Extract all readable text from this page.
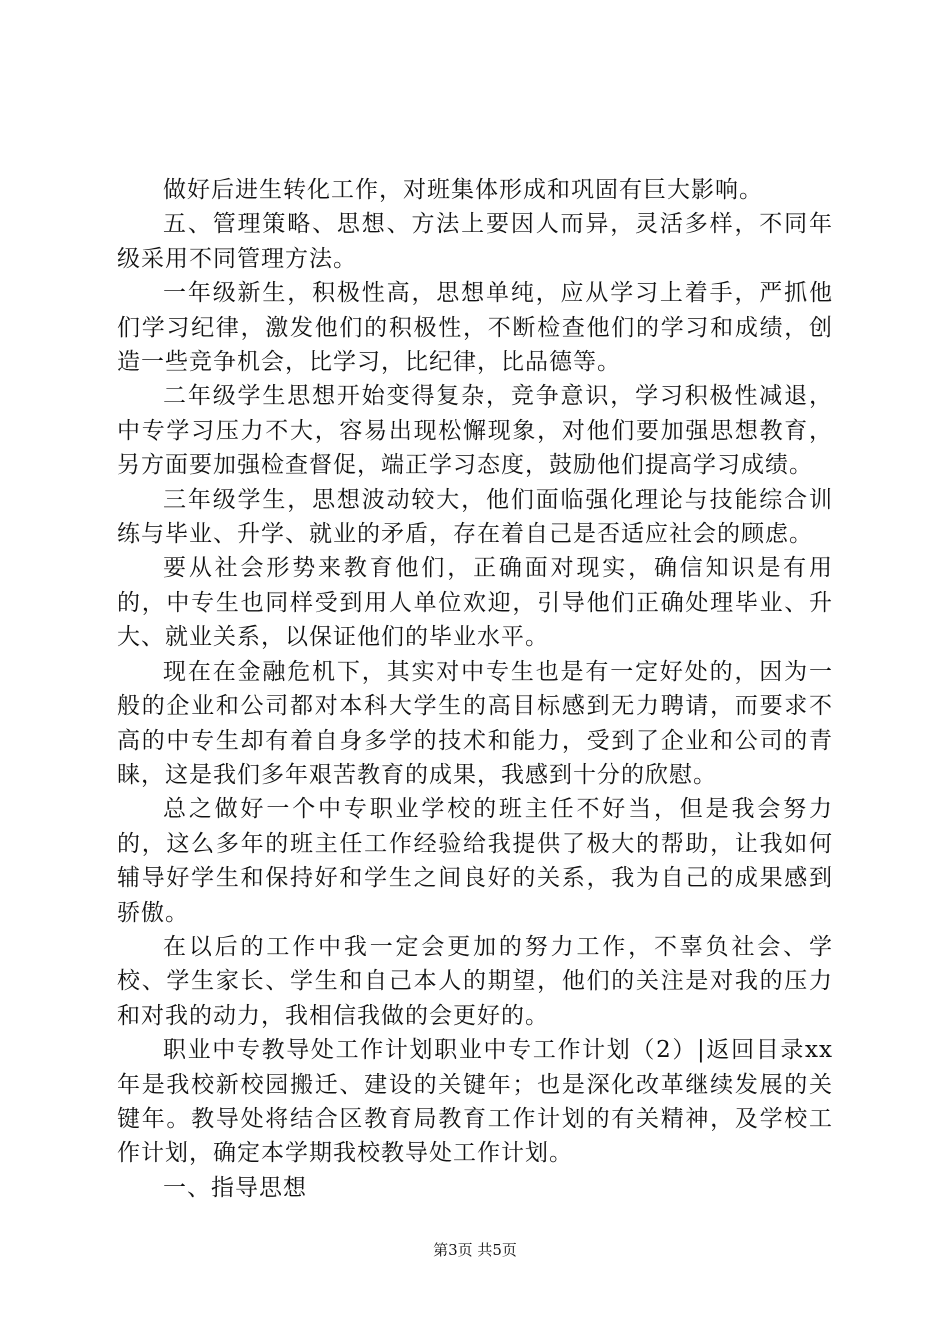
做好后进生转化工作，对班集体形成和巩固有巨大影响。

五、管理策略、思想、方法上要因人而异，灵活多样，不同年级采用不同管理方法。

一年级新生，积极性高，思想单纯，应从学习上着手，严抓他们学习纪律，激发他们的积极性，不断检查他们的学习和成绩，创造一些竞争机会，比学习，比纪律，比品德等。

二年级学生思想开始变得复杂，竞争意识，学习积极性减退，中专学习压力不大，容易出现松懈现象，对他们要加强思想教育，另方面要加强检查督促，端正学习态度，鼓励他们提高学习成绩。

三年级学生，思想波动较大，他们面临强化理论与技能综合训练与毕业、升学、就业的矛盾，存在着自己是否适应社会的顾虑。

要从社会形势来教育他们，正确面对现实，确信知识是有用的，中专生也同样受到用人单位欢迎，引导他们正确处理毕业、升大、就业关系，以保证他们的毕业水平。

现在在金融危机下，其实对中专生也是有一定好处的，因为一般的企业和公司都对本科大学生的高目标感到无力聘请，而要求不高的中专生却有着自身多学的技术和能力，受到了企业和公司的青睐，这是我们多年艰苦教育的成果，我感到十分的欣慰。

总之做好一个中专职业学校的班主任不好当，但是我会努力的，这么多年的班主任工作经验给我提供了极大的帮助，让我如何辅导好学生和保持好和学生之间良好的关系，我为自己的成果感到骄傲。

在以后的工作中我一定会更加的努力工作，不辜负社会、学校、学生家长、学生和自己本人的期望，他们的关注是对我的压力和对我的动力，我相信我做的会更好的。

职业中专教导处工作计划职业中专工作计划（2）|返回目录xx年是我校新校园搬迁、建设的关键年；也是深化改革继续发展的关键年。教导处将结合区教育局教育工作计划的有关精神，及学校工作计划，确定本学期我校教导处工作计划。

一、指导思想

第3页 共5页
